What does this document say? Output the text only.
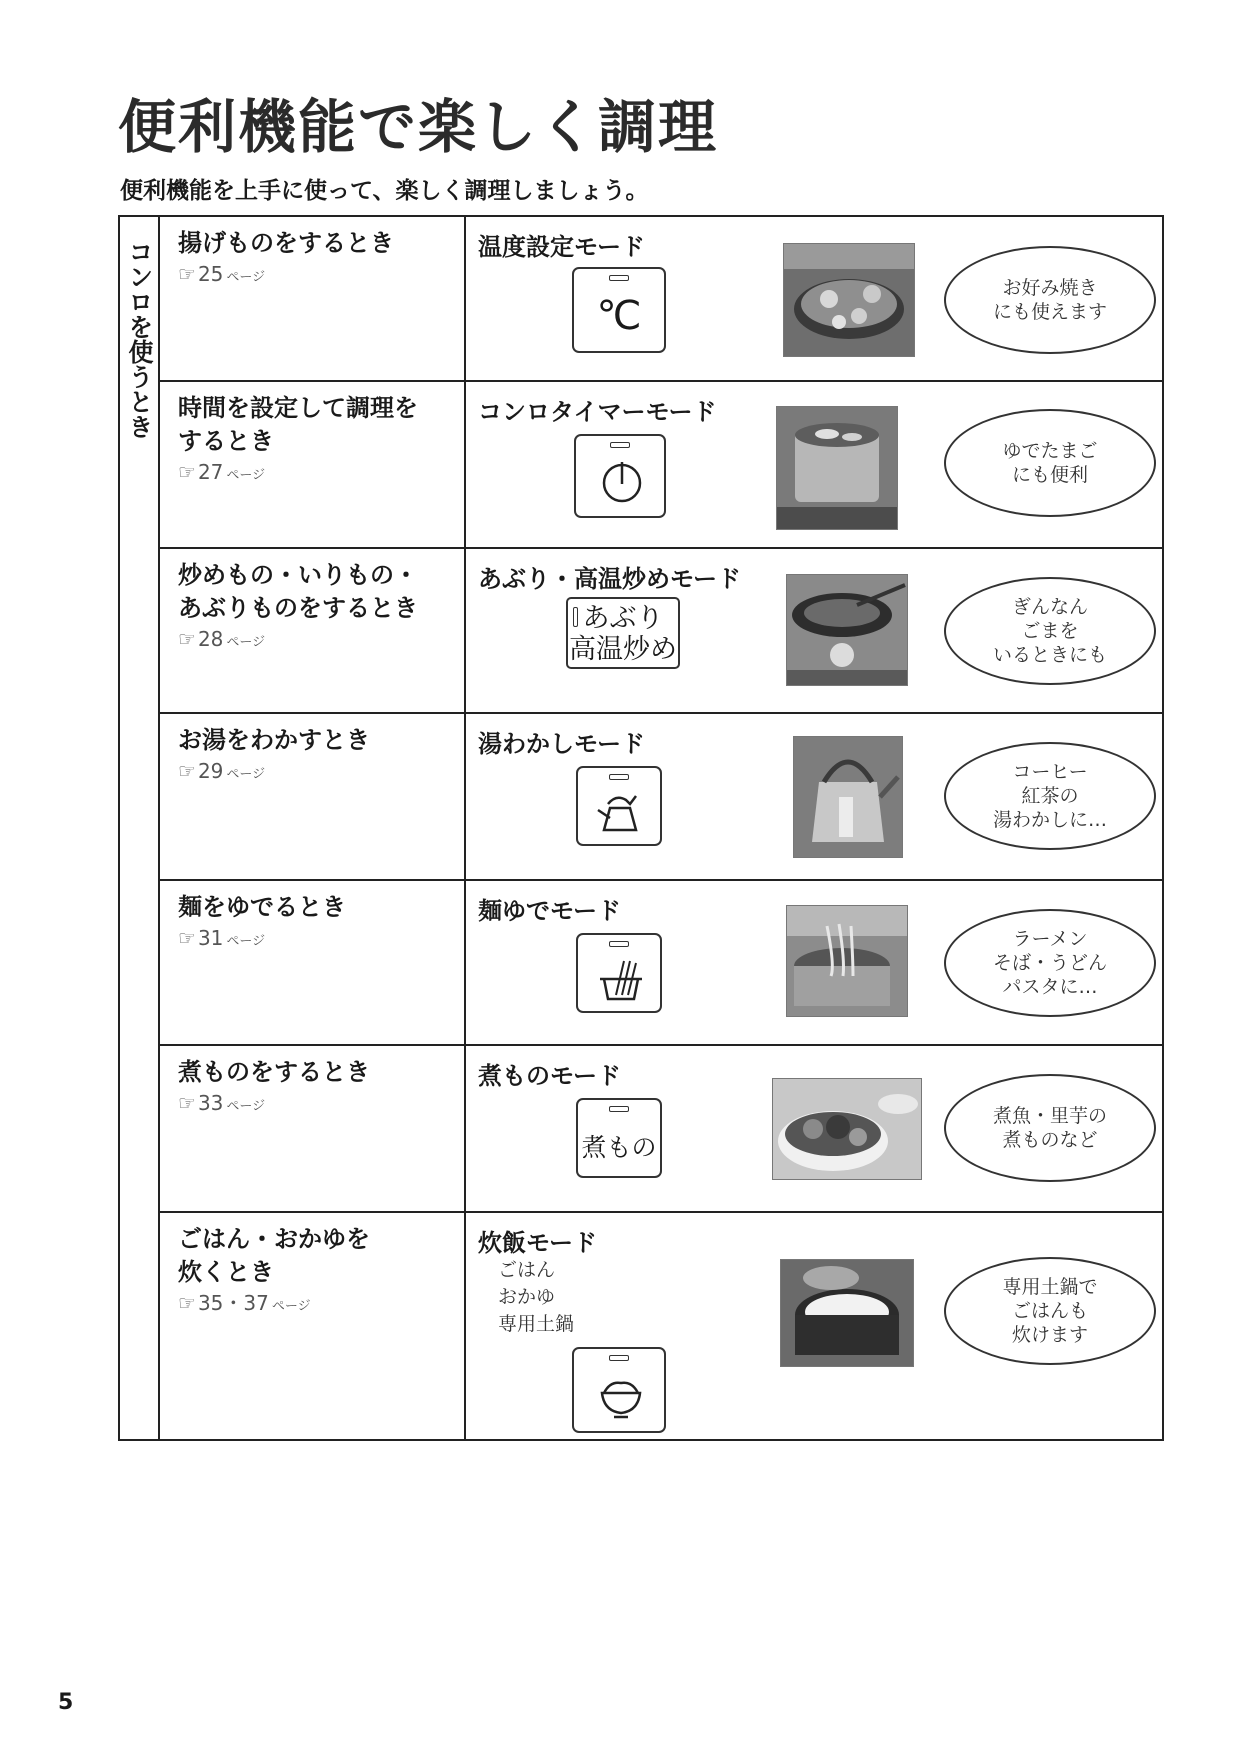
便利機能で楽しく調理
便利機能を上手に使って、楽しく調理しましょう。
コンロを使うとき 揚げものをするとき
☞ 25 ページ
温度設定モード
℃
お好み焼き
にも使えます
時間を設定して調理を
するとき
☞ 27 ページ
コンロタイマーモード
ゆでたまご
にも便利
炒めもの・いりもの・
あぶりものをするとき
☞ 28 ページ
あぶり・高温炒めモード
あぶり
高温炒め
ぎんなん
ごまを
いるときにも
お湯をわかすとき
☞ 29 ページ
湯わかしモード
コーヒー
紅茶の
湯わかしに…
麺をゆでるとき
☞ 31 ページ
麺ゆでモード
ラーメン
そば・うどん
パスタに…
煮ものをするとき
☞ 33 ページ
煮ものモード
煮もの
煮魚・里芋の
煮ものなど
ごはん・おかゆを
炊くとき
☞ 35・37 ページ
炊飯モード
ごはん
おかゆ
専用土鍋
専用土鍋で
ごはんも
炊けます
5
